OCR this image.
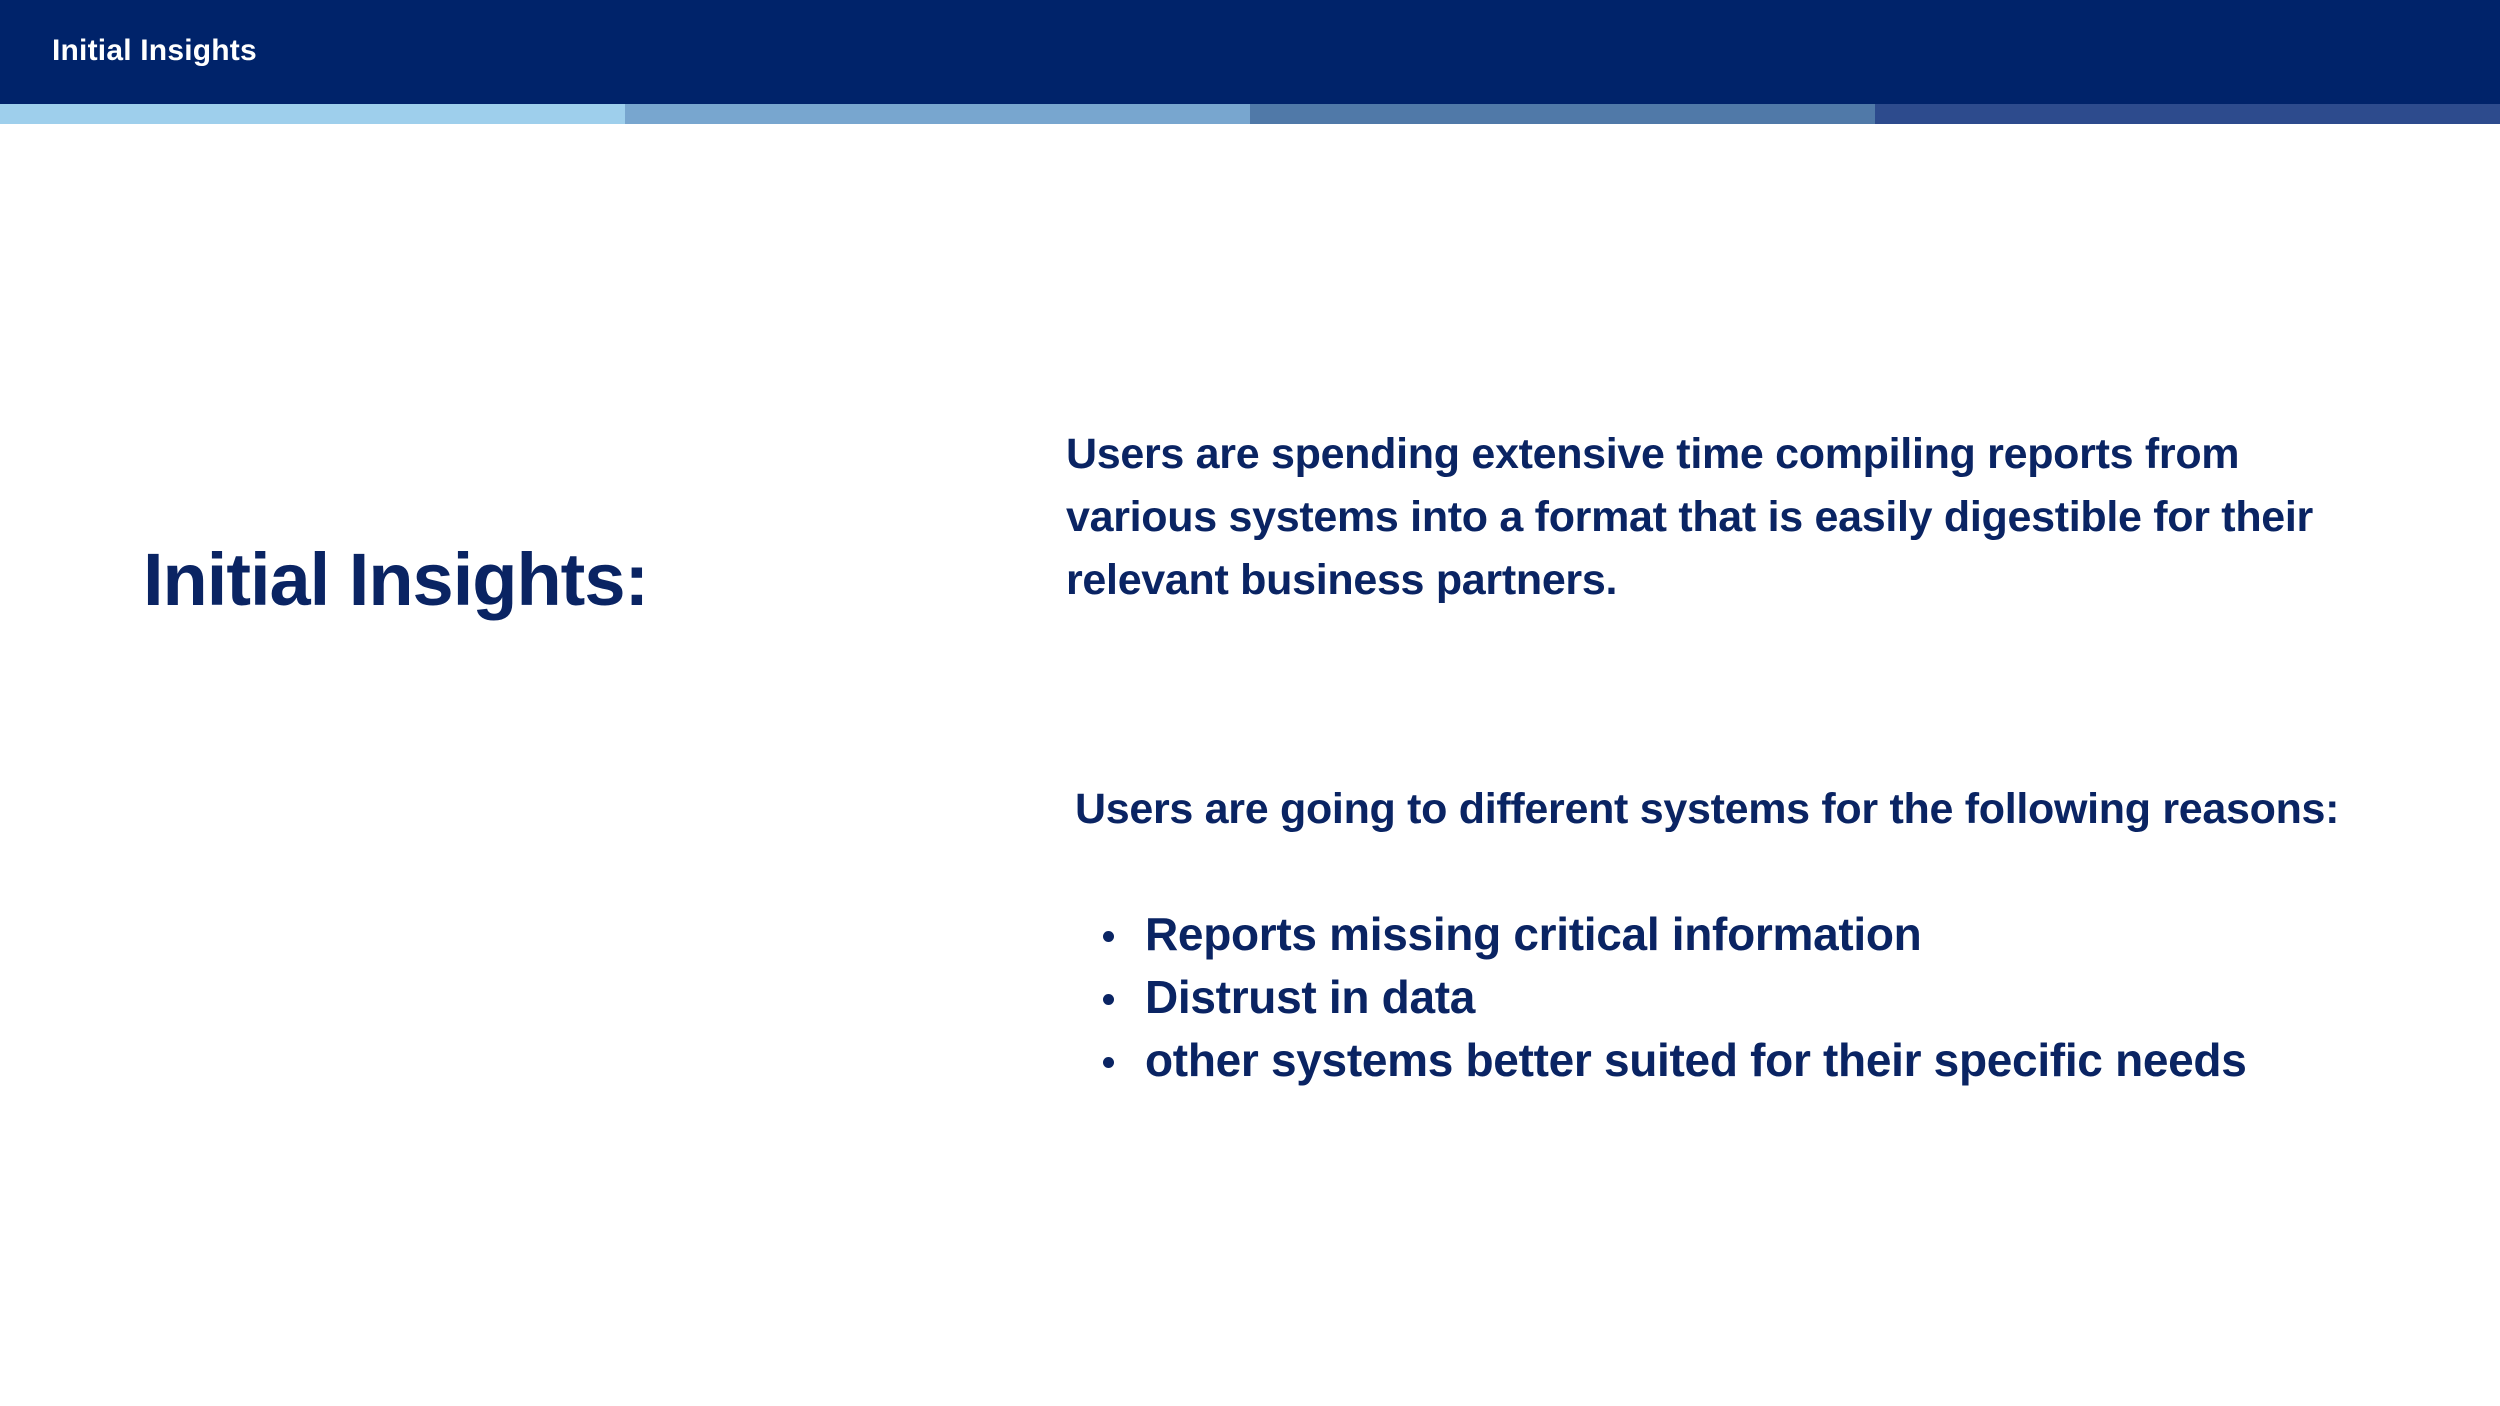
Initial Insights
Initial Insights:

Users are spending extensive time compiling reports from various systems into a format that is easily digestible for their relevant business partners.

Users are going to different systems for the following reasons:

Reports missing critical information
Distrust in data
other systems better suited for their specific needs
